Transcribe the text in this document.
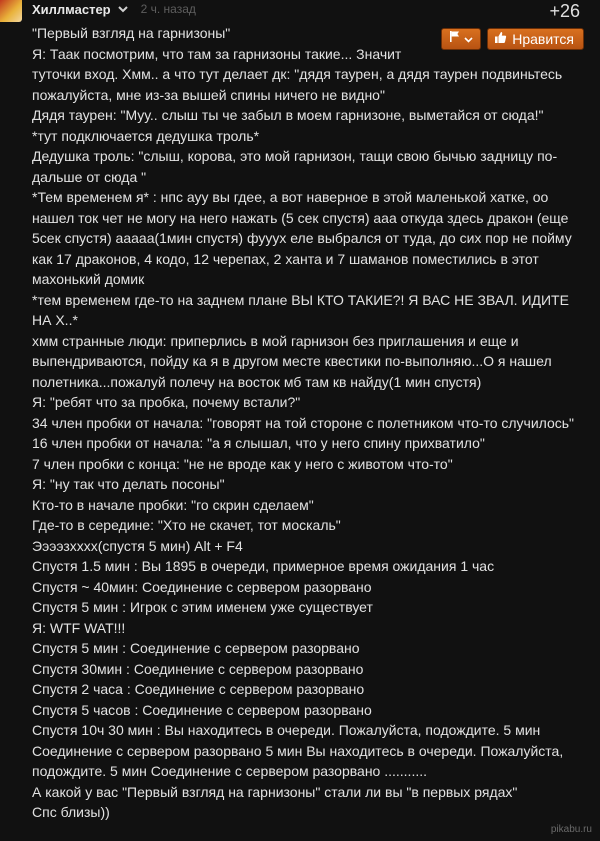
Хиллмастер	2 ч. назад	+26
Нравится
"Первый взгляд на гарнизоны"
Я: Таак посмотрим, что там за гарнизоны такие... Значит
туточки вход. Хмм.. а что тут делает дк: "дядя таурен, а дядя таурен подвиньтесь
пожалуйста, мне из-за вышей спины ничего не видно"
Дядя таурен: "Муу.. слыш ты че забыл в моем гарнизоне, выметайся от сюда!"
*тут подключается дедушка троль*
Дедушка троль: "слыш, корова, это мой гарнизон, тащи свою бычью задницу по-
дальше от сюда "
*Тем временем я* : нпс ауу вы гдее, а вот наверное в этой маленькой хатке, оо
нашел ток чет не могу на него нажать (5 сек спустя) ааа откуда здесь дракон (еще
5сек спустя) ааааа(1мин спустя) фууух еле выбрался от туда, до сих пор не пойму
как 17 драконов, 4 кодо, 12 черепах, 2 ханта и 7 шаманов поместились в этот
махонький домик
*тем временем где-то на заднем плане ВЫ КТО ТАКИЕ?! Я ВАС НЕ ЗВАЛ. ИДИТЕ
НА Х..*
хмм странные люди: приперлись в мой гарнизон без приглашения и еще и
выпендриваются, пойду ка я в другом месте квестики по-выполняю...О я нашел
полетника...пожалуй полечу на восток мб там кв найду(1 мин спустя)
Я: "ребят что за пробка, почему встали?"
34 член пробки от начала: "говорят на той стороне с полетником что-то случилось"
16 член пробки от начала: "а я слышал, что у него спину прихватило"
7 член пробки с конца: "не не вроде как у него с животом что-то"
Я: "ну так что делать посоны"
Кто-то в начале пробки: "го скрин сделаем"
Где-то в середине: "Хто не скачет, тот москаль"
Ээээзхххх(спустя 5 мин) Alt + F4
Спустя 1.5 мин : Вы 1895 в очереди, примерное время ожидания 1 час
Спустя ~ 40мин: Соединение с сервером разорвано
Спустя 5 мин : Игрок с этим именем уже существует
Я: WTF WAT!!!
Спустя 5 мин : Соединение с сервером разорвано
Спустя 30мин : Соединение с сервером разорвано
Спустя 2 часа : Соединение с сервером разорвано
Спустя 5 часов : Соединение с сервером разорвано
Спустя 10ч 30 мин : Вы находитесь в очереди. Пожалуйста, подождите. 5 мин
Соединение с сервером разорвано 5 мин Вы находитесь в очереди. Пожалуйста,
подождите. 5 мин Соединение с сервером разорвано ...........
А какой у вас "Первый взгляд на гарнизоны" стали ли вы "в первых рядах"
Спс близы))
pikabu.ru
